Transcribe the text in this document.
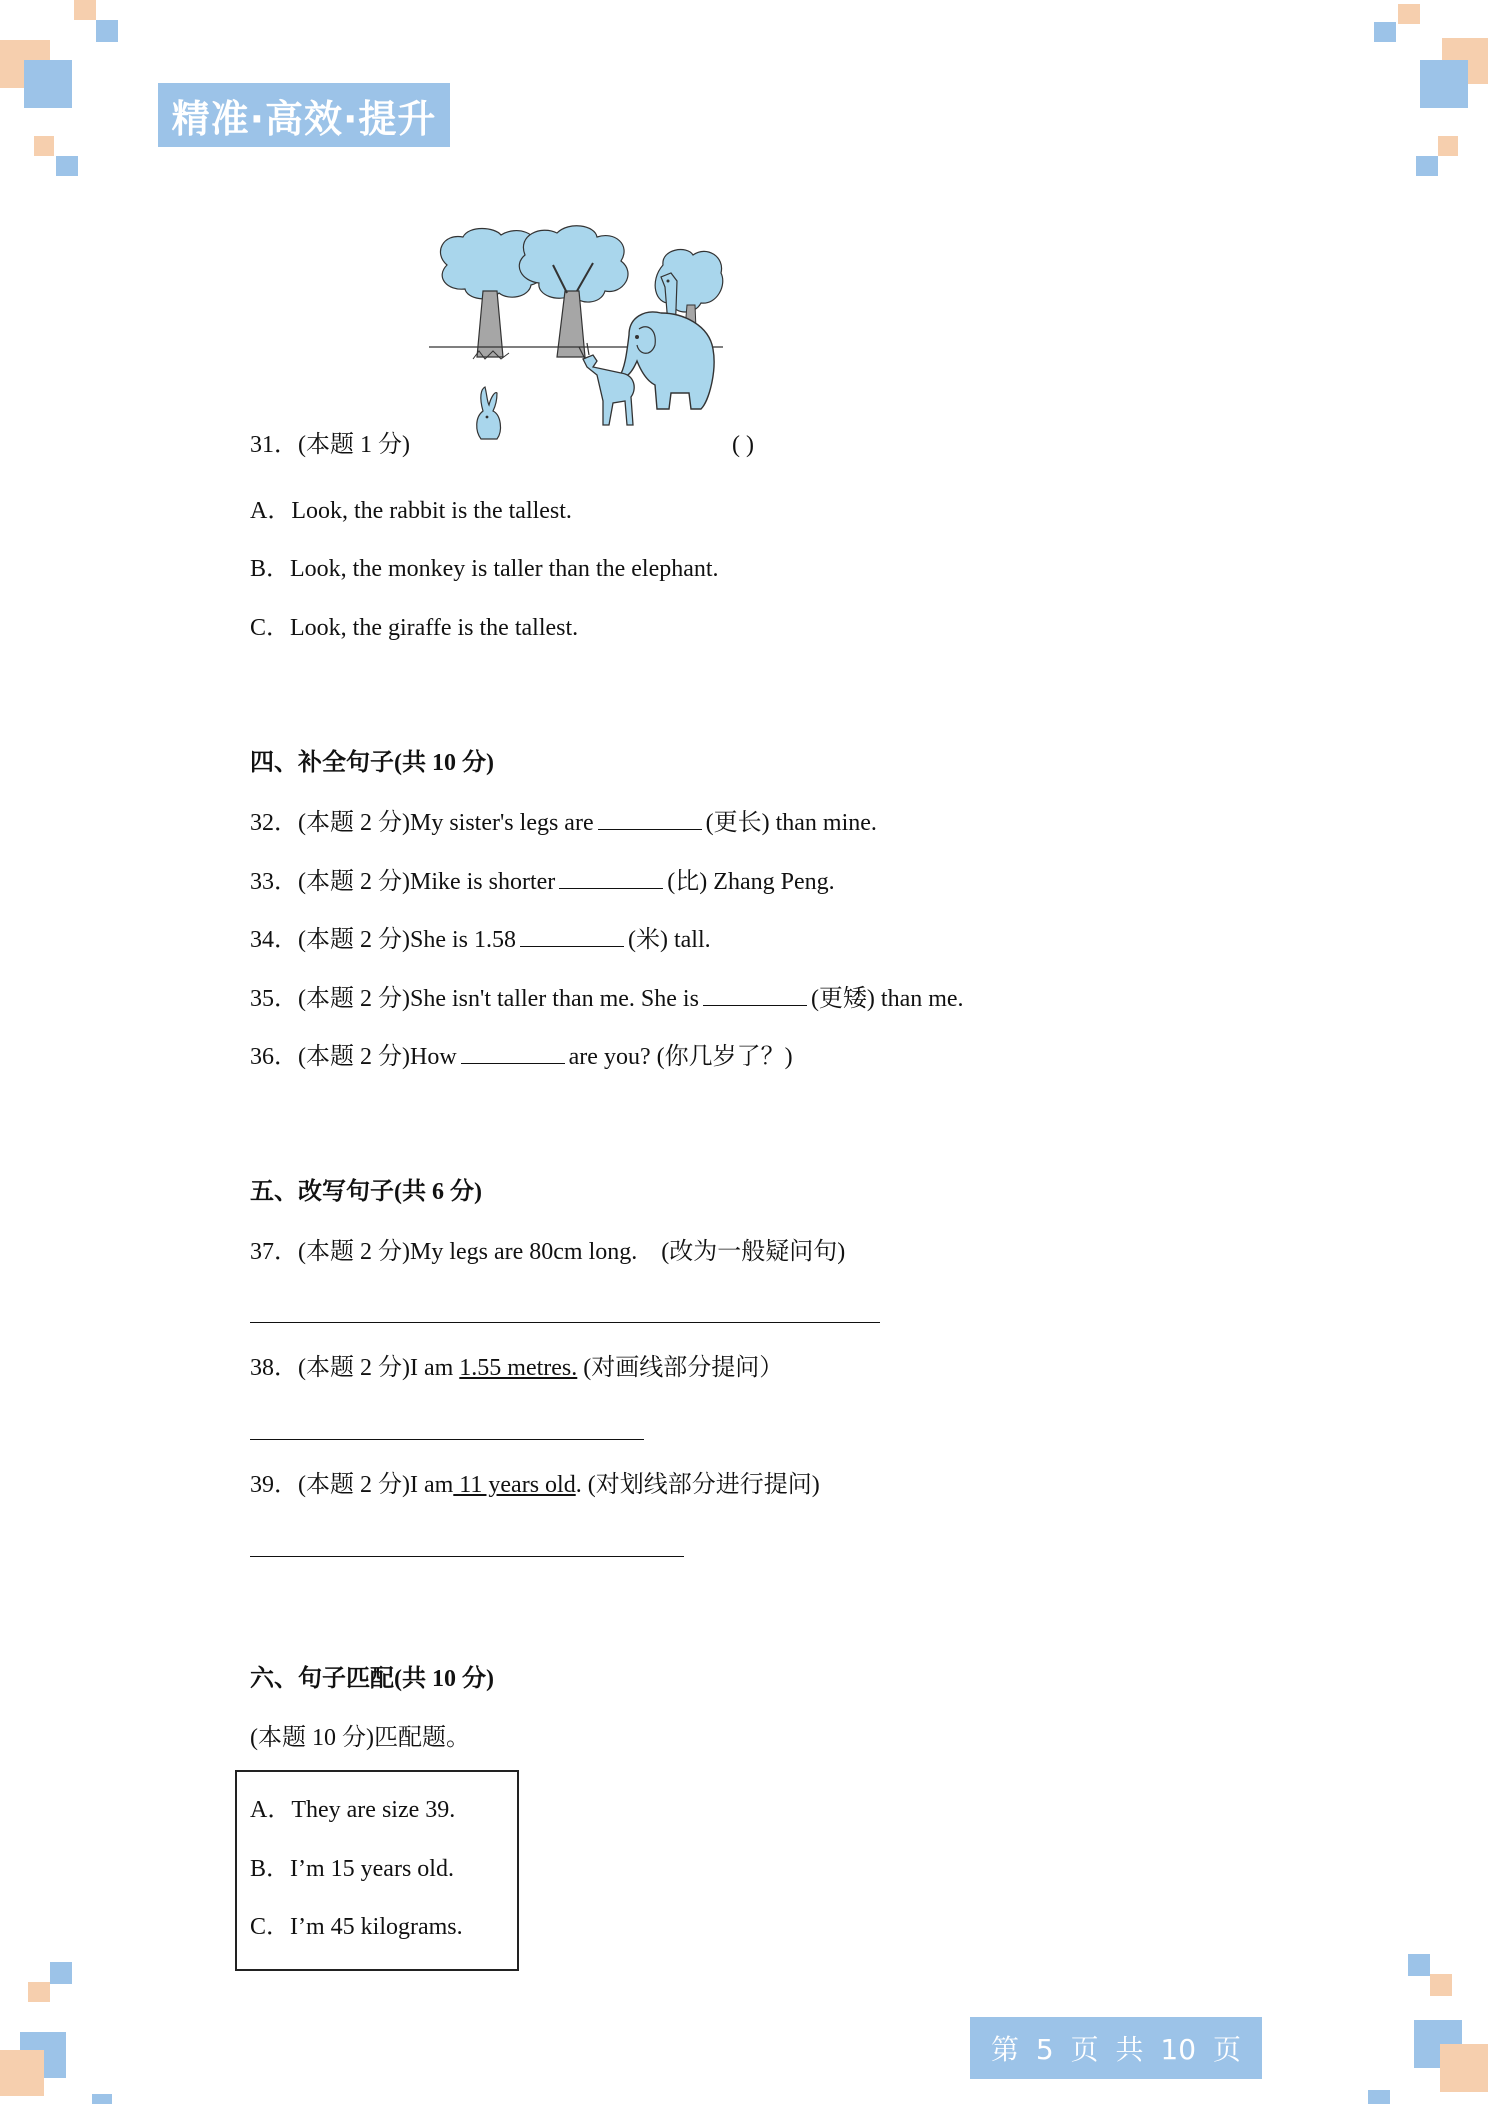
精准·高效·提升
31．(本题 1 分)	( )
A．Look, the rabbit is the tallest.
B．Look, the monkey is taller than the elephant.
C．Look, the giraffe is the tallest.
四、补全句子(共 10 分)
32．(本题 2 分)My sister's legs are	(更长) than mine.
33．(本题 2 分)Mike is shorter	(比) Zhang Peng.
34．(本题 2 分)She is 1.58	(米) tall.
35．(本题 2 分)She isn't taller than me. She is	(更矮) than me.
36．(本题 2 分)How	are you? (你几岁了？)
五、改写句子(共 6 分)
37．(本题 2 分)My legs are 80cm long.　(改为一般疑问句)
38．(本题 2 分)I am 1.55 metres. (对画线部分提问）
39．(本题 2 分)I am 11 years old. (对划线部分进行提问)
六、句子匹配(共 10 分)
(本题 10 分)匹配题。
A．They are size 39.
B．I’m 15 years old.
C．I’m 45 kilograms.
第 5 页 共 10 页
